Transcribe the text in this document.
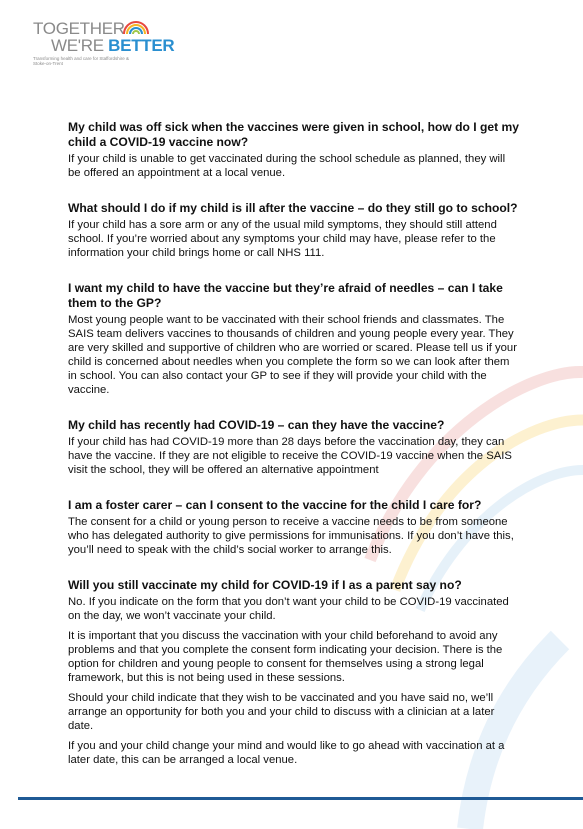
TOGETHER
WE'RE BETTER
Transforming health and care for Staffordshire & Stoke-on-Trent

My child was off sick when the vaccines were given in school, how do I get my child a COVID-19 vaccine now?

If your child is unable to get vaccinated during the school schedule as planned, they will be offered an appointment at a local venue.

What should I do if my child is ill after the vaccine – do they still go to school?

If your child has a sore arm or any of the usual mild symptoms, they should still attend school. If you’re worried about any symptoms your child may have, please refer to the information your child brings home or call NHS 111.

I want my child to have the vaccine but they’re afraid of needles – can I take them to the GP?

Most young people want to be vaccinated with their school friends and classmates. The SAIS team delivers vaccines to thousands of children and young people every year. They are very skilled and supportive of children who are worried or scared. Please tell us if your child is concerned about needles when you complete the form so we can look after them in school. You can also contact your GP to see if they will provide your child with the vaccine.

My child has recently had COVID-19 – can they have the vaccine?

If your child has had COVID-19 more than 28 days before the vaccination day, they can have the vaccine. If they are not eligible to receive the COVID-19 vaccine when the SAIS visit the school, they will be offered an alternative appointment

I am a foster carer – can I consent to the vaccine for the child I care for?

The consent for a child or young person to receive a vaccine needs to be from someone who has delegated authority to give permissions for immunisations. If you don’t have this, you’ll need to speak with the child’s social worker to arrange this.

Will you still vaccinate my child for COVID-19 if I as a parent say no?

No. If you indicate on the form that you don’t want your child to be COVID-19 vaccinated on the day, we won’t vaccinate your child.

It is important that you discuss the vaccination with your child beforehand to avoid any problems and that you complete the consent form indicating your decision. There is the option for children and young people to consent for themselves using a strong legal framework, but this is not being used in these sessions.

Should your child indicate that they wish to be vaccinated and you have said no, we’ll arrange an opportunity for both you and your child to discuss with a clinician at a later date.

If you and your child change your mind and would like to go ahead with vaccination at a later date, this can be arranged a local venue.
